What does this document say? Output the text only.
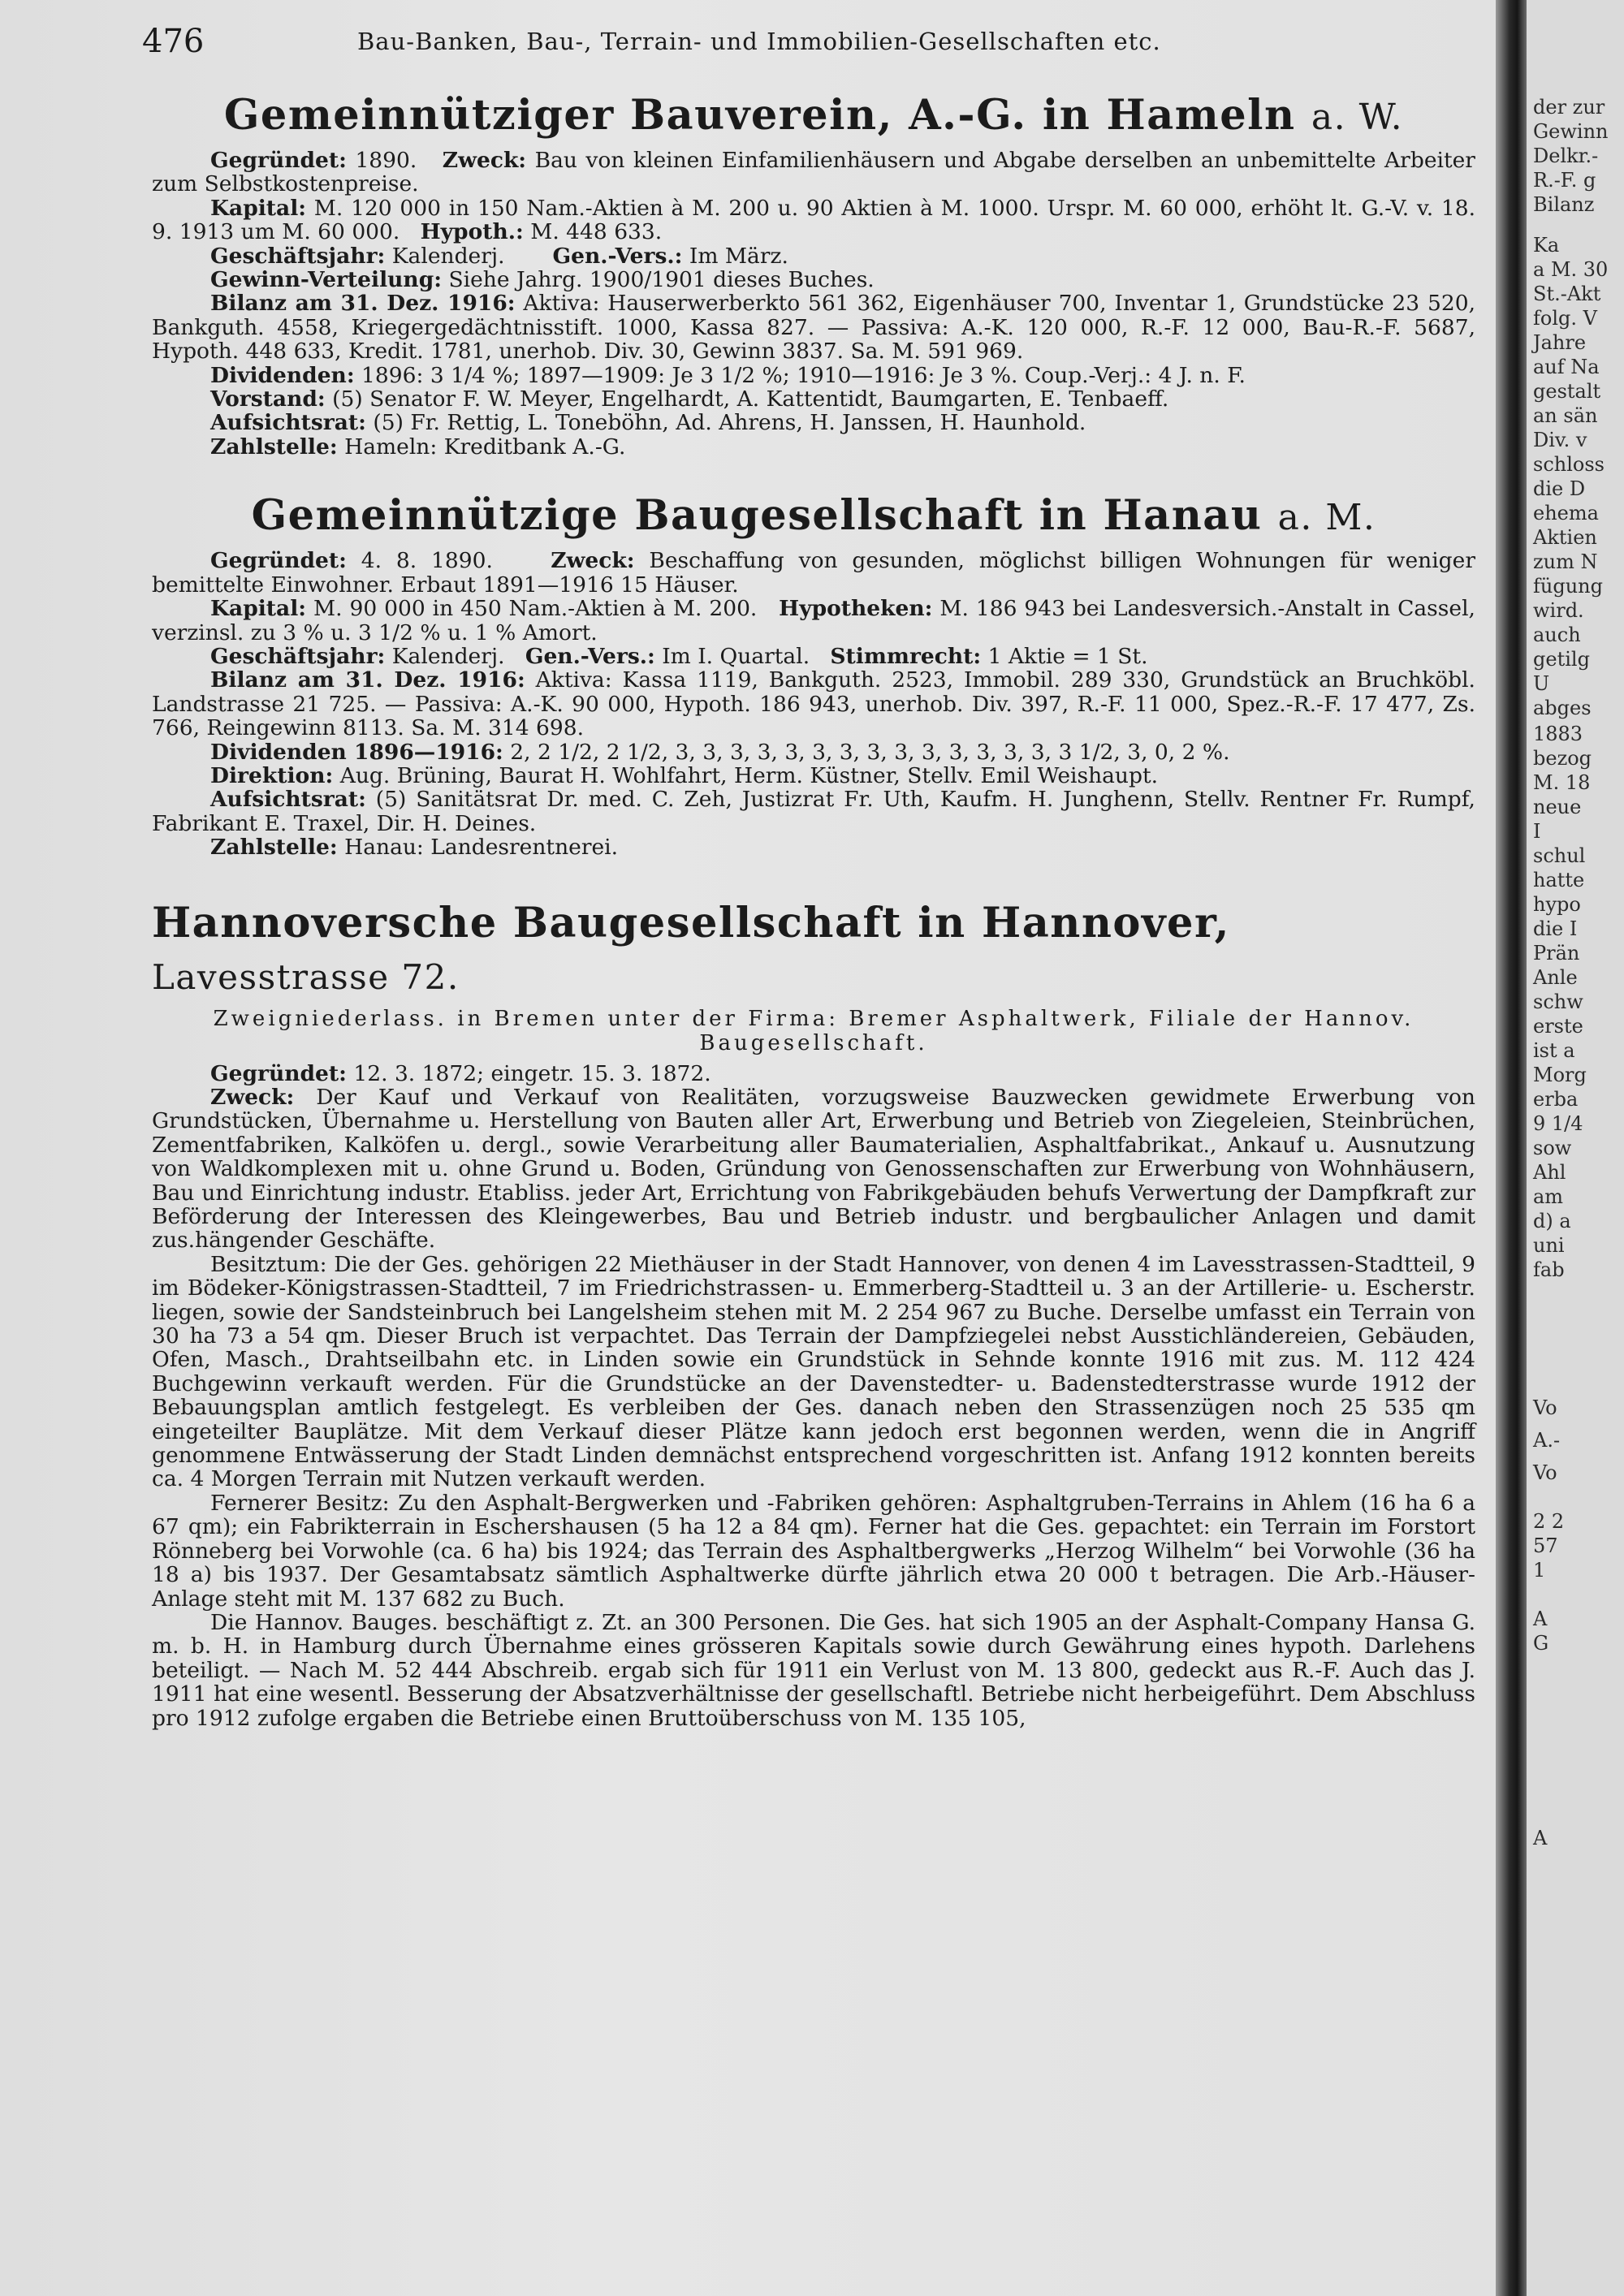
476	Bau-Banken, Bau-, Terrain- und Immobilien-Gesellschaften etc.
Gemeinnütziger Bauverein, A.-G. in Hameln a. W.

Gegründet: 1890. Zweck: Bau von kleinen Einfamilienhäusern und Abgabe derselben an unbemittelte Arbeiter zum Selbstkostenpreise.

Kapital: M. 120 000 in 150 Nam.-Aktien à M. 200 u. 90 Aktien à M. 1000. Urspr. M. 60 000, erhöht lt. G.-V. v. 18. 9. 1913 um M. 60 000. Hypoth.: M. 448 633.

Geschäftsjahr: Kalenderj. Gen.-Vers.: Im März.

Gewinn-Verteilung: Siehe Jahrg. 1900/1901 dieses Buches.

Bilanz am 31. Dez. 1916: Aktiva: Hauserwerberkto 561 362, Eigenhäuser 700, Inventar 1, Grundstücke 23 520, Bankguth. 4558, Kriegergedächtnisstift. 1000, Kassa 827. — Passiva: A.-K. 120 000, R.-F. 12 000, Bau-R.-F. 5687, Hypoth. 448 633, Kredit. 1781, unerhob. Div. 30, Gewinn 3837. Sa. M. 591 969.

Dividenden: 1896: 3 1/4 %; 1897—1909: Je 3 1/2 %; 1910—1916: Je 3 %. Coup.-Verj.: 4 J. n. F.

Vorstand: (5) Senator F. W. Meyer, Engelhardt, A. Kattentidt, Baumgarten, E. Tenbaeff.

Aufsichtsrat: (5) Fr. Rettig, L. Toneböhn, Ad. Ahrens, H. Janssen, H. Haunhold.

Zahlstelle: Hameln: Kreditbank A.-G.

Gemeinnützige Baugesellschaft in Hanau a. M.

Gegründet: 4. 8. 1890.	Zweck: Beschaffung von gesunden, möglichst billigen Wohnungen für weniger bemittelte Einwohner. Erbaut 1891—1916 15 Häuser.

Kapital: M. 90 000 in 450 Nam.-Aktien à M. 200. Hypotheken: M. 186 943 bei Landesversich.-Anstalt in Cassel, verzinsl. zu 3 % u. 3 1/2 % u. 1 % Amort.

Geschäftsjahr: Kalenderj. Gen.-Vers.: Im I. Quartal. Stimmrecht: 1 Aktie = 1 St.

Bilanz am 31. Dez. 1916: Aktiva: Kassa 1119, Bankguth. 2523, Immobil. 289 330, Grundstück an Bruchköbl. Landstrasse 21 725. — Passiva: A.-K. 90 000, Hypoth. 186 943, unerhob. Div. 397, R.-F. 11 000, Spez.-R.-F. 17 477, Zs. 766, Reingewinn 8113. Sa. M. 314 698.

Dividenden 1896—1916: 2, 2 1/2, 2 1/2, 3, 3, 3, 3, 3, 3, 3, 3, 3, 3, 3, 3, 3, 3, 3 1/2, 3, 0, 2 %.

Direktion: Aug. Brüning, Baurat H. Wohlfahrt, Herm. Küstner, Stellv. Emil Weishaupt.

Aufsichtsrat: (5) Sanitätsrat Dr. med. C. Zeh, Justizrat Fr. Uth, Kaufm. H. Junghenn, Stellv. Rentner Fr. Rumpf, Fabrikant E. Traxel, Dir. H. Deines.

Zahlstelle: Hanau: Landesrentnerei.

Hannoversche Baugesellschaft in Hannover, Lavesstrasse 72.
Zweigniederlass. in Bremen unter der Firma: Bremer Asphaltwerk, Filiale der Hannov. Baugesellschaft.

Gegründet: 12. 3. 1872; eingetr. 15. 3. 1872.

Zweck: Der Kauf und Verkauf von Realitäten, vorzugsweise Bauzwecken gewidmete Erwerbung von Grundstücken, Übernahme u. Herstellung von Bauten aller Art, Erwerbung und Betrieb von Ziegeleien, Steinbrüchen, Zementfabriken, Kalköfen u. dergl., sowie Verarbeitung aller Baumaterialien, Asphaltfabrikat., Ankauf u. Ausnutzung von Waldkomplexen mit u. ohne Grund u. Boden, Gründung von Genossenschaften zur Erwerbung von Wohnhäusern, Bau und Einrichtung industr. Etabliss. jeder Art, Errichtung von Fabrikgebäuden behufs Verwertung der Dampfkraft zur Beförderung der Interessen des Kleingewerbes, Bau und Betrieb industr. und bergbaulicher Anlagen und damit zus.hängender Geschäfte.

Besitztum: Die der Ges. gehörigen 22 Miethäuser in der Stadt Hannover, von denen 4 im Lavesstrassen-Stadtteil, 9 im Bödeker-Königstrassen-Stadtteil, 7 im Friedrichstrassen- u. Emmerberg-Stadtteil u. 3 an der Artillerie- u. Escherstr. liegen, sowie der Sandsteinbruch bei Langelsheim stehen mit M. 2 254 967 zu Buche. Derselbe umfasst ein Terrain von 30 ha 73 a 54 qm. Dieser Bruch ist verpachtet. Das Terrain der Dampfziegelei nebst Ausstichländereien, Gebäuden, Ofen, Masch., Drahtseilbahn etc. in Linden sowie ein Grundstück in Sehnde konnte 1916 mit zus. M. 112 424 Buchgewinn verkauft werden. Für die Grundstücke an der Davenstedter- u. Badenstedterstrasse wurde 1912 der Bebauungsplan amtlich festgelegt. Es verbleiben der Ges. danach neben den Strassenzügen noch 25 535 qm eingeteilter Bauplätze. Mit dem Verkauf dieser Plätze kann jedoch erst begonnen werden, wenn die in Angriff genommene Entwässerung der Stadt Linden demnächst entsprechend vorgeschritten ist. Anfang 1912 konnten bereits ca. 4 Morgen Terrain mit Nutzen verkauft werden.

Fernerer Besitz: Zu den Asphalt-Bergwerken und -Fabriken gehören: Asphaltgruben-Terrains in Ahlem (16 ha 6 a 67 qm); ein Fabrikterrain in Eschershausen (5 ha 12 a 84 qm). Ferner hat die Ges. gepachtet: ein Terrain im Forstort Rönneberg bei Vorwohle (ca. 6 ha) bis 1924; das Terrain des Asphaltbergwerks „Herzog Wilhelm“ bei Vorwohle (36 ha 18 a) bis 1937. Der Gesamtabsatz sämtlich Asphaltwerke dürfte jährlich etwa 20 000 t betragen. Die Arb.-Häuser-Anlage steht mit M. 137 682 zu Buch.

Die Hannov. Bauges. beschäftigt z. Zt. an 300 Personen. Die Ges. hat sich 1905 an der Asphalt-Company Hansa G. m. b. H. in Hamburg durch Übernahme eines grösseren Kapitals sowie durch Gewährung eines hypoth. Darlehens beteiligt. — Nach M. 52 444 Abschreib. ergab sich für 1911 ein Verlust von M. 13 800, gedeckt aus R.-F. Auch das J. 1911 hat eine wesentl. Besserung der Absatzverhältnisse der gesellschaftl. Betriebe nicht herbeigeführt. Dem Abschluss pro 1912 zufolge ergaben die Betriebe einen Bruttoüberschuss von M. 135 105,

der zur
Gewinn
Delkr.-
R.-F. g
Bilanz
Ka
a M. 30
St.-Akt
folg. V
Jahre
auf Na
gestalt
an sän
Div. v
schloss
die D
ehema
Aktien
zum N
fügung
wird.
auch
getilg
U
abges
1883
bezog
M. 18
neue
I
schul
hatte
hypo
die I
Prän
Anle
schw
erste
ist a
Morg
erba
9 1/4
sow
Ahl
am
d) a
uni
fab
Vo
A.-
Vo
2 2
57
1
A
G
A
